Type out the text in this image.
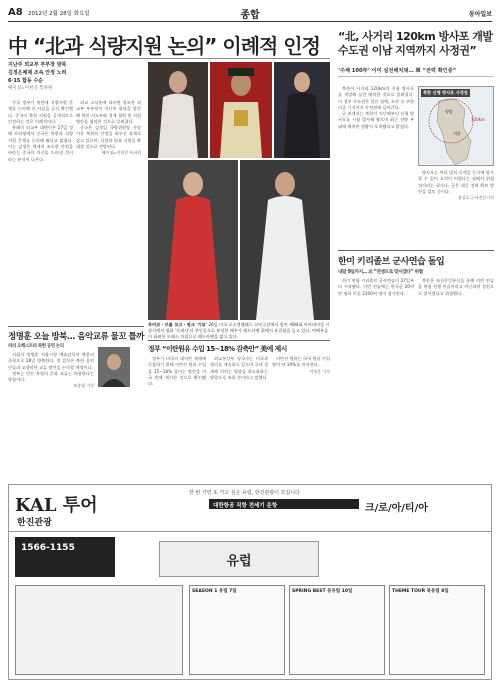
A8 2012년 2월 28일 화요일	종합	동아일보
中 “北과 식량지원 논의” 이례적 인정
지난주 외교부 부부장 방북
김정은체제 조속 안정 노려
6·15 합동 수순
베이징=이헌진 특파원

중국 정부가 북한에 식량지원 문제를 논의해 온 사실을 공식 확인했다. 중국이 북한 지원을 공개적으로 인정하는 것은 이례적이다.

홍레이 외교부 대변인은 27일 정례 브리핑에서 중국은 북한과 식량 지원 문제를 논의해 왔다고 밝혔다. 이는 김정은 체제의 조속한 안정을 바라는 중국의 의중을 드러낸 것이라는 분석이 나온다.

외교 소식통에 따르면 장즈쥔 외교부 부부장이 지난주 평양을 방문해 북한 지도부와 경제 협력 및 지원 방안을 협의한 것으로 알려졌다.

중국은 김정일 국방위원장 사망 이후 북한의 안정을 최우선 과제로 삼고 있으며, 식량과 원유 지원을 확대할 것으로 전망된다.

베이징=이헌진 특파원
루비코 · 브롤 코고 · 핑크 '기묘' 26일 미국 로스앤젤레스 코닥극장에서 열린 제84회 아카데미상 시상식에서 영화 '독재자'의 주인공으로 분장한 배우가 레드카펫 위에서 유골함을 들고 있다. 여배우들이 화려한 드레스 차림으로 레드카펫을 밟고 있다.
“北, 사거리 120km 방사포 개발 수도권 이남 지역까지 사정권”
‘주체 100年’ 이미 실전배치돼… 軍 “전력 확인중”

북한이 사거리 120km의 신형 방사포를 개발해 실전 배치한 것으로 알려졌다. 이 경우 수도권은 물론 평택, 오산 등 주한미군 기지까지 사정권에 들어간다.

군 관계자는 북한이 지난해부터 신형 방사포를 시험 발사해 왔으며 최근 전방 부대에 배치한 정황이 포착됐다고 밝혔다.

북한 신형 방사포 사정권
평양
서울
120km

방사포는 여러 발의 로켓을 동시에 발사할 수 있어 요격이 어렵다는 점에서 위협적이라는 평가다. 군은 대응 전력 확보 방안을 검토 중이다.

윤상호 군사전문기자
한미 키리졸브 군사연습 돌입
내달 9일까지… 北 “전쟁으로 맞서겠다” 위협

한미 연합 키리졸브 군사연습이 27일부터 시작됐다. 이번 연습에는 한국군 20여만 명과 미군 2100여 명이 참가한다.

북한은 조선중앙통신을 통해 이번 연습을 북침 전쟁 연습이라고 비난하며 성전으로 맞서겠다고 위협했다.

정명훈 오늘 방북… 음악교류 물꼬 틀까
파리 오케스트라 북한 공연 논의

지휘자 정명훈 서울시향 예술감독이 북한의 초청으로 28일 방북한다. 정 감독은 북한 음악인들과 교향악단 교류 방안을 논의할 예정이다.

정부는 민간 차원의 문화 교류는 허용한다는 방침이다.

조종엽 기자
정부 “이란원유 수입 15∼18% 감축안” 美에 제시

정부가 미국의 대이란 제재에 동참하기 위해 이란산 원유 수입을 15∼18% 줄이는 방안을 미국 측에 제시한 것으로 확인됐다.

외교통상부 당국자는 미국과 협의를 계속하고 있으며 국내 경제에 미치는 영향을 최소화하는 방향으로 조율 중이라고 말했다.

이란산 원유는 국내 원유 수입량의 약 10%를 차지한다.

이정은 기자
KAL 투어
한진관광
한 번 가면 또 가고 싶은 유럽, 한진관광이 모십니다
대한항공 직항 전세기 운항	크/로/아/티/아
1566-1155
유럽
SEASON 1 유럽 7일	SPRING BEST 동유럽 10일	THEME TOUR 북유럽 8일
